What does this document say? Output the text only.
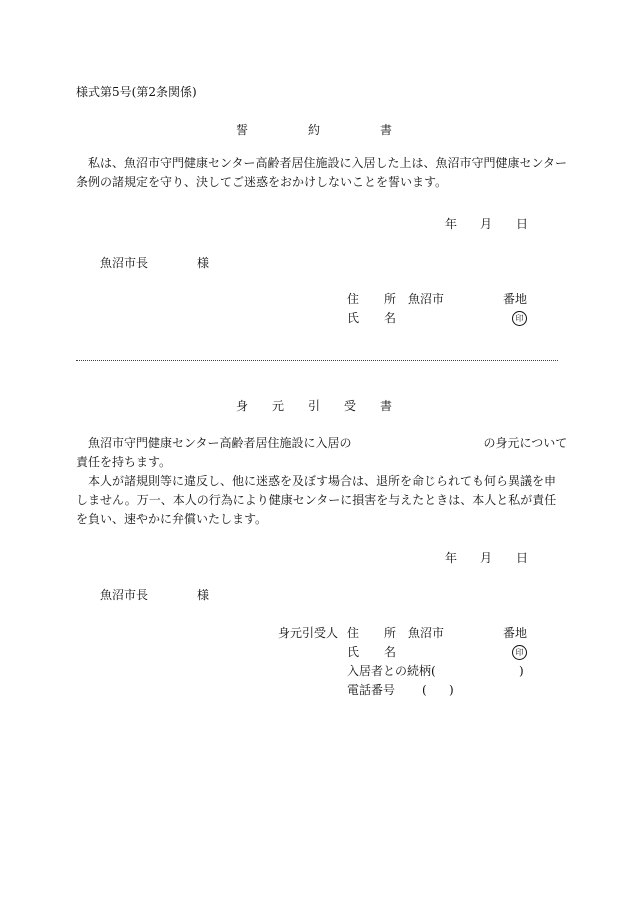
様式第5号(第2条関係)
誓	約	書
　私は、魚沼市守門健康センター高齢者居住施設に入居した上は、魚沼市守門健康センター
条例の諸規定を守り、決してご迷惑をおかけしないことを誓います。
年 月 日
魚沼市長	様
住 所 魚沼市	番地
氏 名	印
身 元 引 受 書
　魚沼市守門健康センター高齢者居住施設に入居の　　　　　　　　　　　の身元について
責任を持ちます。
　本人が諸規則等に違反し、他に迷惑を及ぼす場合は、退所を命じられても何ら異議を申
しません。万一、本人の行為により健康センターに損害を与えたときは、本人と私が責任
を負い、速やかに弁償いたします。
年 月 日
魚沼市長	様
身元引受人 住 所 魚沼市	番地
氏 名	印
入居者との続柄(	)
電話番号 ( )
